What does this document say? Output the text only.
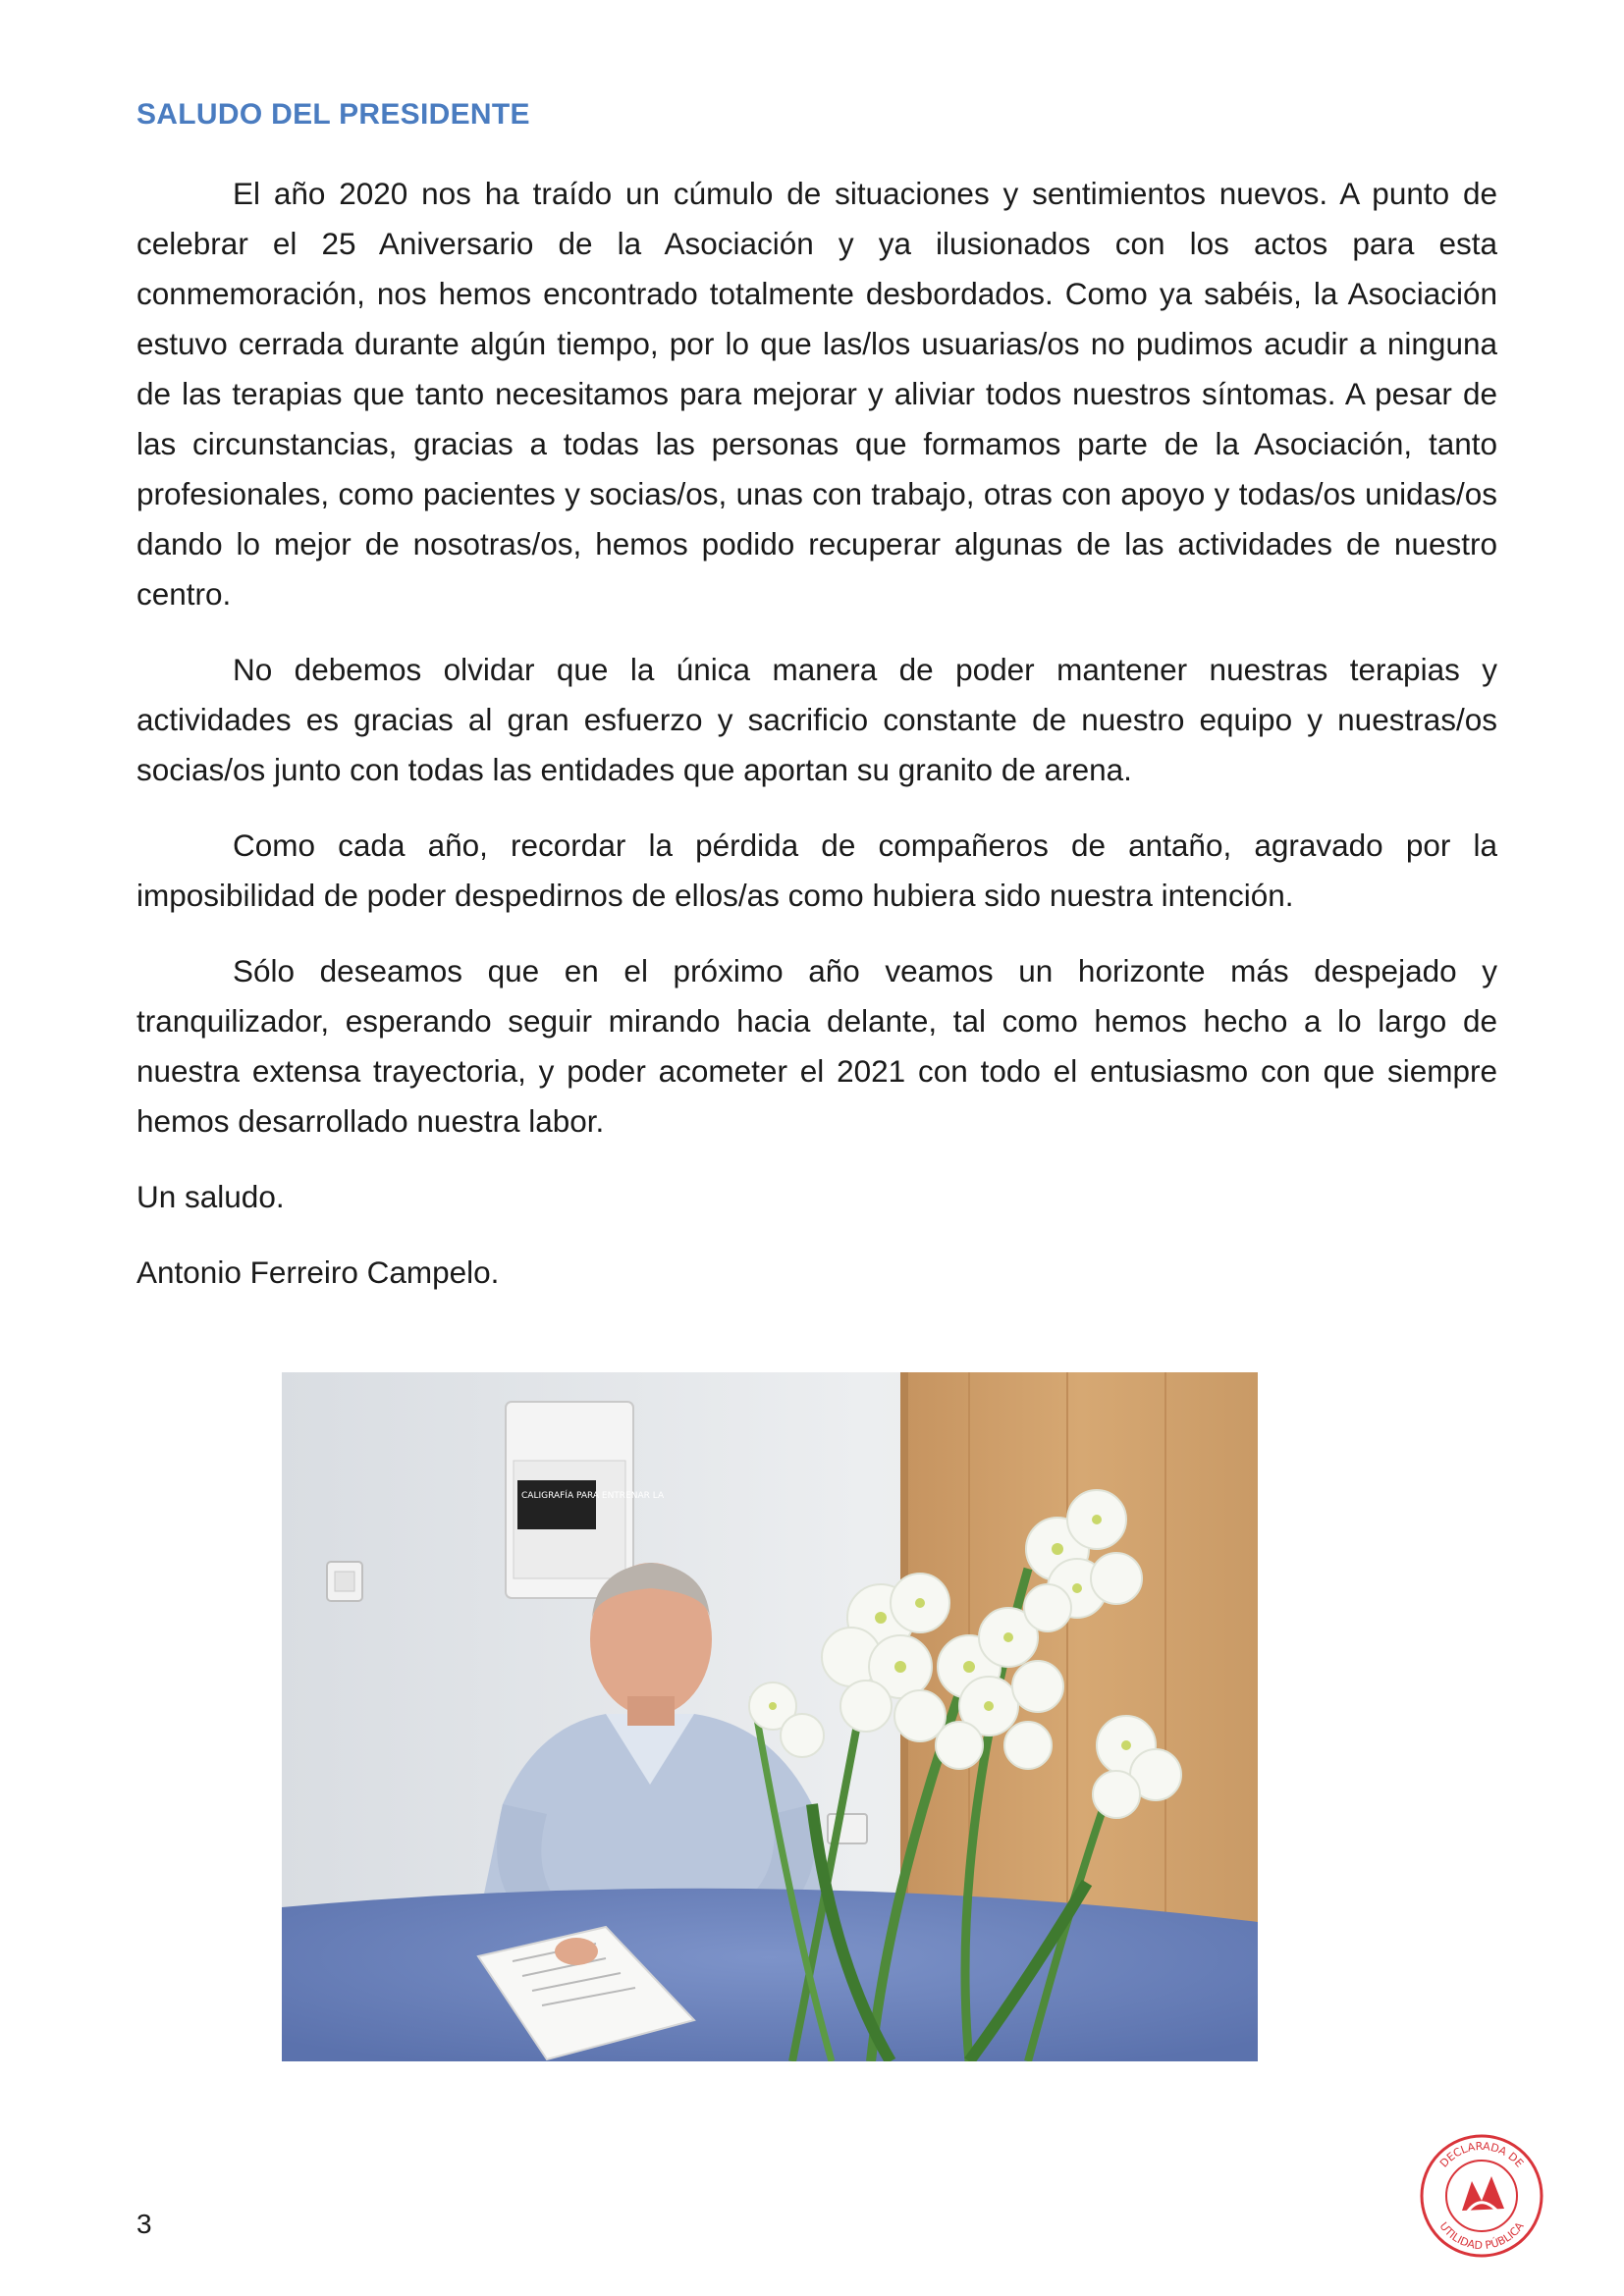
SALUDO DEL PRESIDENTE

El año 2020 nos ha traído un cúmulo de situaciones y sentimientos nuevos. A punto de celebrar el 25 Aniversario de la Asociación y ya ilusionados con los actos para esta conmemoración, nos hemos encontrado totalmente desbordados. Como ya sabéis, la Asociación estuvo cerrada durante algún tiempo, por lo que las/los usuarias/os no pudimos acudir a ninguna de las terapias que tanto necesitamos para mejorar y aliviar todos nuestros síntomas. A pesar de las circunstancias, gracias a todas las personas que formamos parte de la Asociación, tanto profesionales, como pacientes y socias/os, unas con trabajo, otras con apoyo y todas/os unidas/os dando lo mejor de nosotras/os, hemos podido recuperar algunas de las actividades de nuestro centro.

No debemos olvidar que la única manera de poder mantener nuestras terapias y actividades es gracias al gran esfuerzo y sacrificio constante de nuestro equipo y nuestras/os socias/os junto con todas las entidades que aportan su granito de arena.

Como cada año, recordar la pérdida de compañeros de antaño, agravado por la imposibilidad de poder despedirnos de ellos/as como hubiera sido nuestra intención.

Sólo deseamos que en el próximo año veamos un horizonte más despejado y tranquilizador, esperando seguir mirando hacia delante, tal como hemos hecho a lo largo de nuestra extensa trayectoria, y poder acometer el 2021 con todo el entusiasmo con que siempre hemos desarrollado nuestra labor.

Un saludo.

Antonio Ferreiro Campelo.

CALIGRAFÍA PARA ENTRENAR LA
3
DECLARADA DE
UTILIDAD PÚBLICA
